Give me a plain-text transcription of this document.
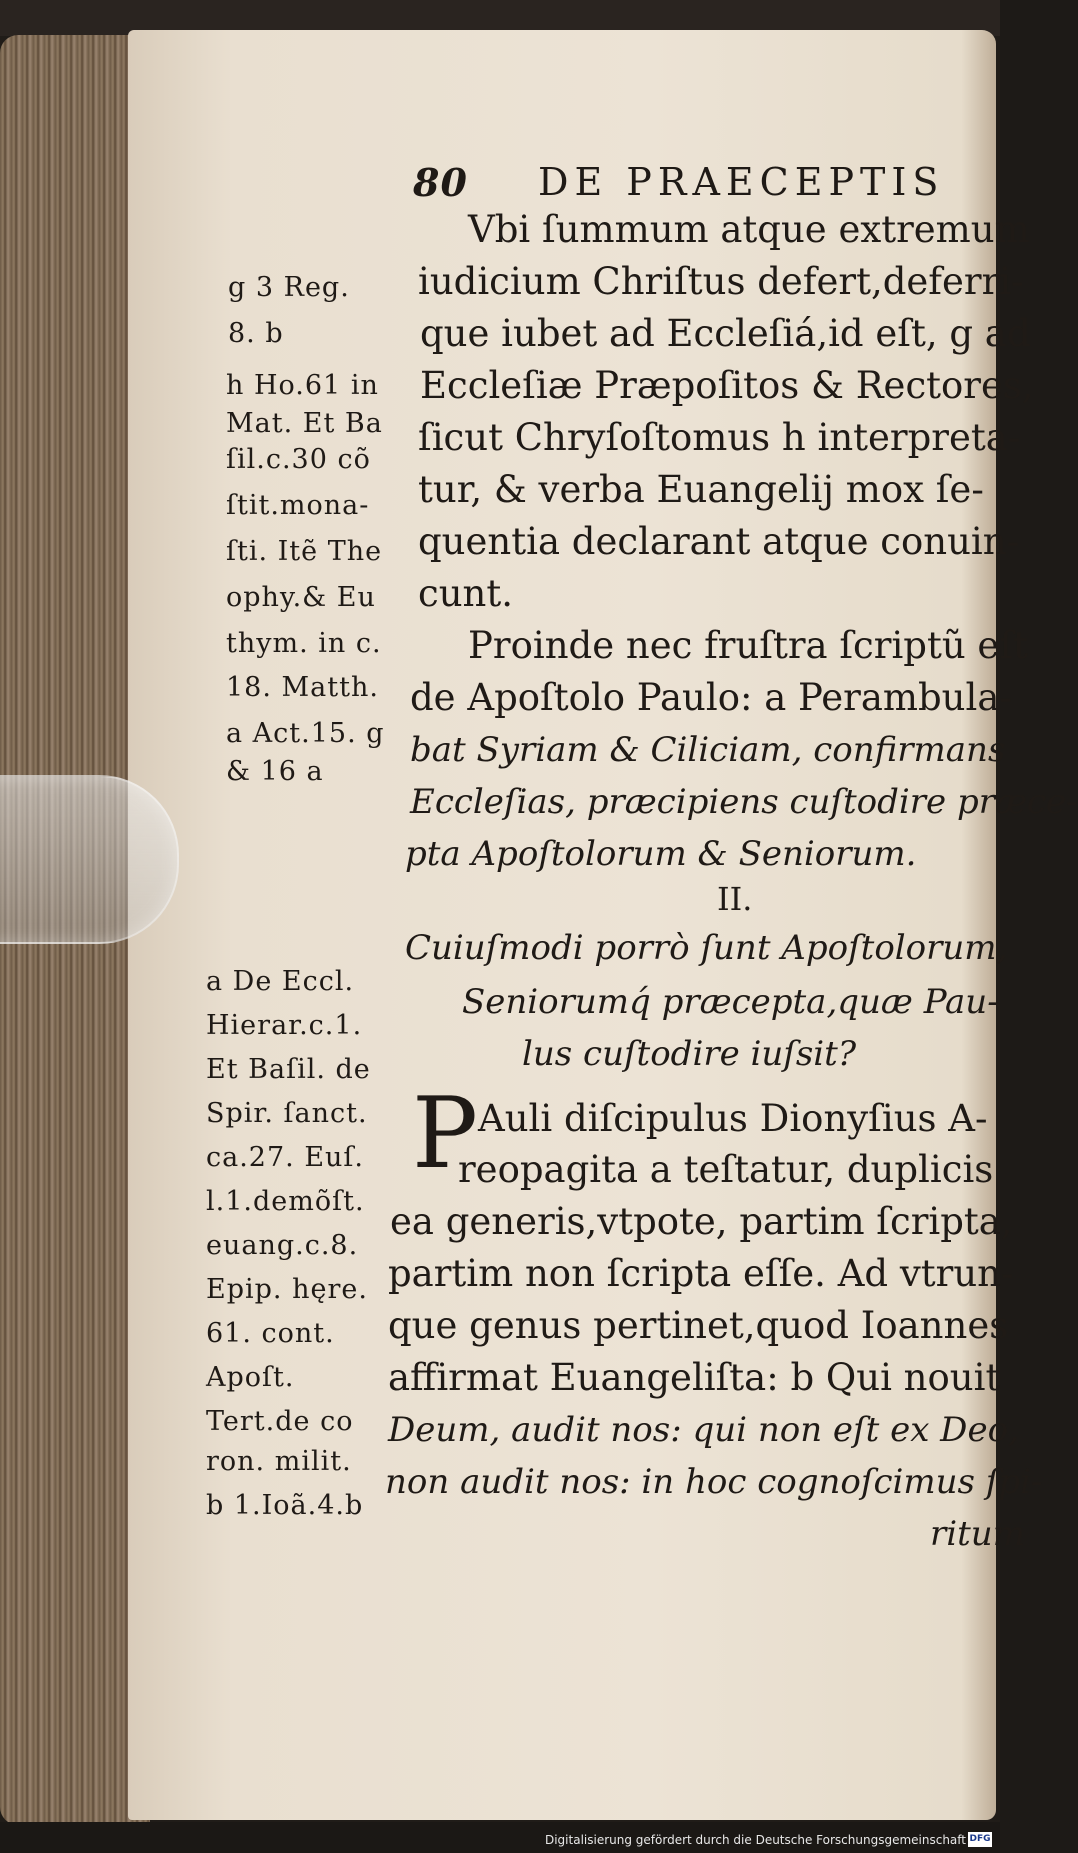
80 DE PRAECEPTIS
Vbi ſummum atque extremum
iudicium Chriſtus defert,deferri-
que iubet ad Eccleſiá,id eſt, g ad
Eccleſiæ Præpoſitos & Rectores,
ſicut Chryſoſtomus h interpreta-
tur, & verba Euangelij mox ſe-
quentia declarant atque conuin-
cunt.
Proinde nec fruſtra ſcriptũ eſt
de Apoſtolo Paulo: a Perambula-
bat Syriam & Ciliciam, confirmans
Eccleſias, præcipiens cuſtodire præce-
pta Apoſtolorum & Seniorum.
II.
Cuiuſmodi porrò ſunt Apoſtolorum,
Seniorumq́ præcepta,quæ Pau-
lus cuſtodire iuſsit?
P Auli diſcipulus Dionyſius A-
reopagita a teſtatur, duplicis
ea generis,vtpote, partim ſcripta,
partim non ſcripta eſſe. Ad vtrun-
que genus pertinet,quod Ioannes
affirmat Euangeliſta: b Qui nouit
Deum, audit nos: qui non eſt ex Deo,
non audit nos: in hoc cognoſcimus ſpi-
ritum
g 3 Reg.
8. b
h Ho.61 in
Mat. Et Ba
ſil.c.30 cõ
ſtit.mona-
ſti. Itẽ The
ophy.& Eu
thym. in c.
18. Matth.
a Act.15. g
& 16 a
a De Eccl.
Hierar.c.1.
Et Baſil. de
Spir. ſanct.
ca.27. Euſ.
l.1.demõſt.
euang.c.8.
Epip. hęre.
61. cont.
Apoſt.
Tert.de co
ron. milit.
b 1.Ioã.4.b
Digitalisierung gefördert durch die Deutsche Forschungsgemeinschaft DFG
